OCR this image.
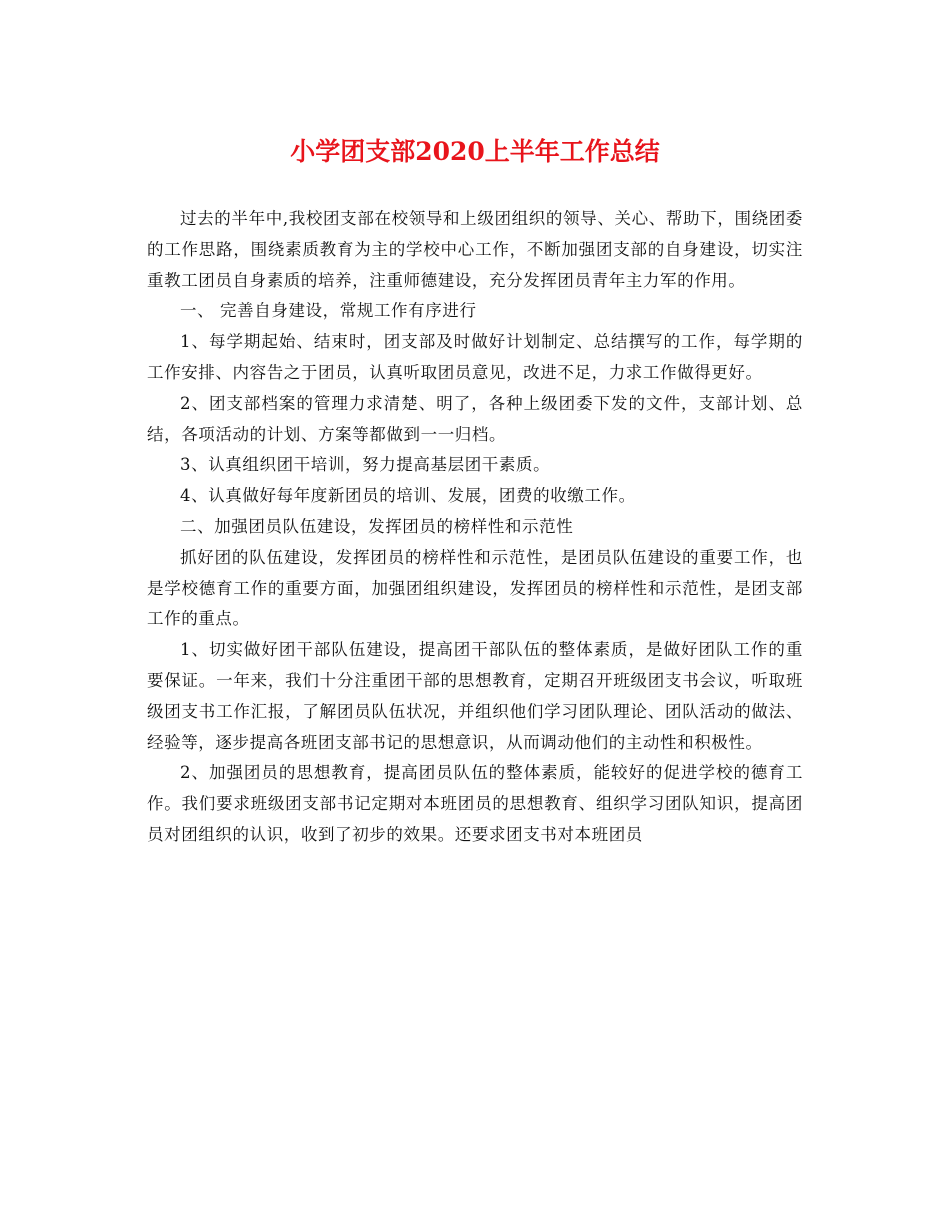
小学团支部2020上半年工作总结

过去的半年中,我校团支部在校领导和上级团组织的领导、关心、帮助下，围绕团委的工作思路，围绕素质教育为主的学校中心工作，不断加强团支部的自身建设，切实注重教工团员自身素质的培养，注重师德建设，充分发挥团员青年主力军的作用。

一、 完善自身建设，常规工作有序进行

1、每学期起始、结束时，团支部及时做好计划制定、总结撰写的工作，每学期的工作安排、内容告之于团员，认真听取团员意见，改进不足，力求工作做得更好。

2、团支部档案的管理力求清楚、明了，各种上级团委下发的文件，支部计划、总结，各项活动的计划、方案等都做到一一归档。

3、认真组织团干培训，努力提高基层团干素质。

4、认真做好每年度新团员的培训、发展，团费的收缴工作。

二、加强团员队伍建设，发挥团员的榜样性和示范性

抓好团的队伍建设，发挥团员的榜样性和示范性，是团员队伍建设的重要工作，也是学校德育工作的重要方面，加强团组织建设，发挥团员的榜样性和示范性，是团支部工作的重点。

1、切实做好团干部队伍建设，提高团干部队伍的整体素质，是做好团队工作的重要保证。一年来，我们十分注重团干部的思想教育，定期召开班级团支书会议，听取班级团支书工作汇报，了解团员队伍状况，并组织他们学习团队理论、团队活动的做法、经验等，逐步提高各班团支部书记的思想意识，从而调动他们的主动性和积极性。

2、加强团员的思想教育，提高团员队伍的整体素质，能较好的促进学校的德育工作。我们要求班级团支部书记定期对本班团员的思想教育、组织学习团队知识，提高团员对团组织的认识，收到了初步的效果。还要求团支书对本班团员
